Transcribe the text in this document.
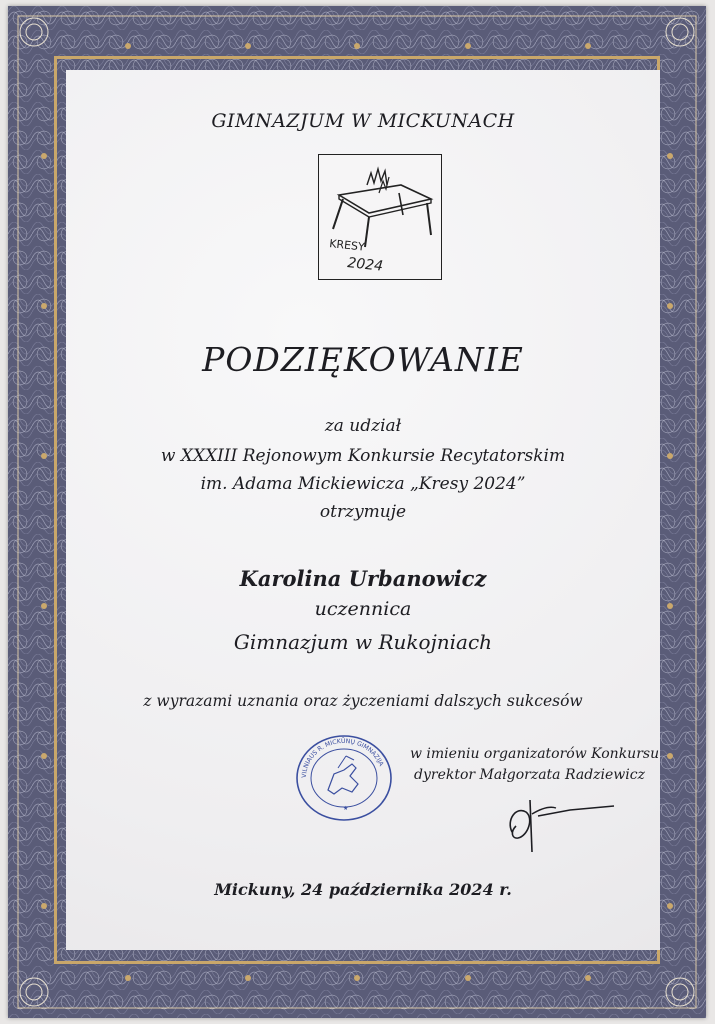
GIMNAZJUM W MICKUNACH
KRESY
2024
PODZIĘKOWANIE
za udział
w XXXIII Rejonowym Konkursie Recytatorskim
im. Adama Mickiewicza „Kresy 2024”
otrzymuje
Karolina Urbanowicz
uczennica
Gimnazjum w Rukojniach
z wyrazami uznania oraz życzeniami dalszych sukcesów
VILNIAUS R. MICKŪNŲ GIMNAZIJA
★
w imieniu organizatorów Konkursu
dyrektor Małgorzata Radziewicz
Mickuny, 24 października 2024 r.
